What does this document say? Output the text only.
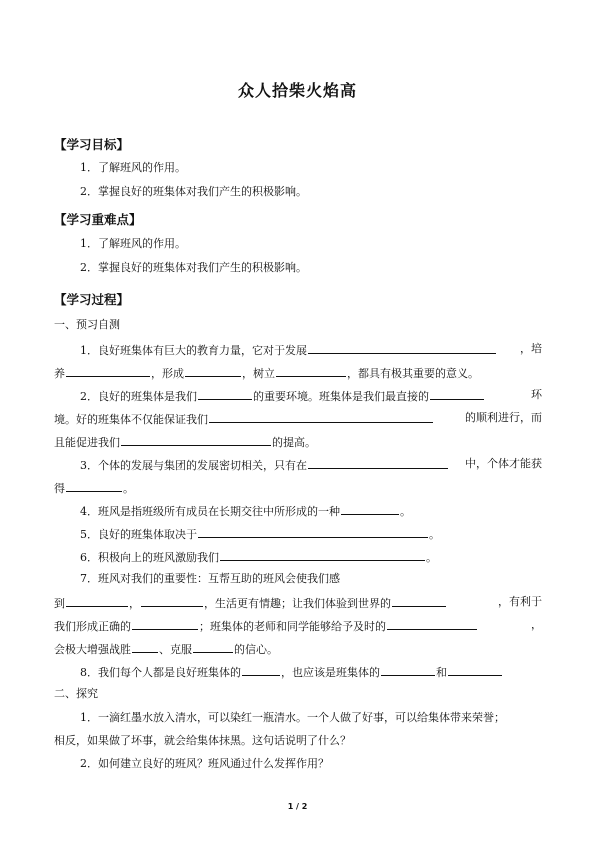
众人拾柴火焰高
【学习目标】
1．了解班风的作用。
2．掌握良好的班集体对我们产生的积极影响。
【学习重难点】
1．了解班风的作用。
2．掌握良好的班集体对我们产生的积极影响。
【学习过程】
一、预习自测
1．良好班集体有巨大的教育力量，它对于发展	，培
养	，形成	，树立	，都具有极其重要的意义。
2．良好的班集体是我们	的重要环境。班集体是我们最直接的	环
境。好的班集体不仅能保证我们	的顺利进行，而
且能促进我们	的提高。
3．个体的发展与集团的发展密切相关，只有在	中，个体才能获
得	。
4．班风是指班级所有成员在长期交往中所形成的一种	。
5．良好的班集体取决于	。
6．积极向上的班风激励我们	。
7．班风对我们的重要性：互帮互助的班风会使我们感
到	，	，生活更有情趣；让我们体验到世界的	，有利于
我们形成正确的	；班集体的老师和同学能够给予及时的	，
会极大增强战胜	、克服	的信心。
8．我们每个人都是良好班集体的	，也应该是班集体的	和
二、探究
1．一滴红墨水放入清水，可以染红一瓶清水。一个人做了好事，可以给集体带来荣誉；
相反，如果做了坏事，就会给集体抹黑。这句话说明了什么？
2．如何建立良好的班风？班风通过什么发挥作用？
1 / 2
